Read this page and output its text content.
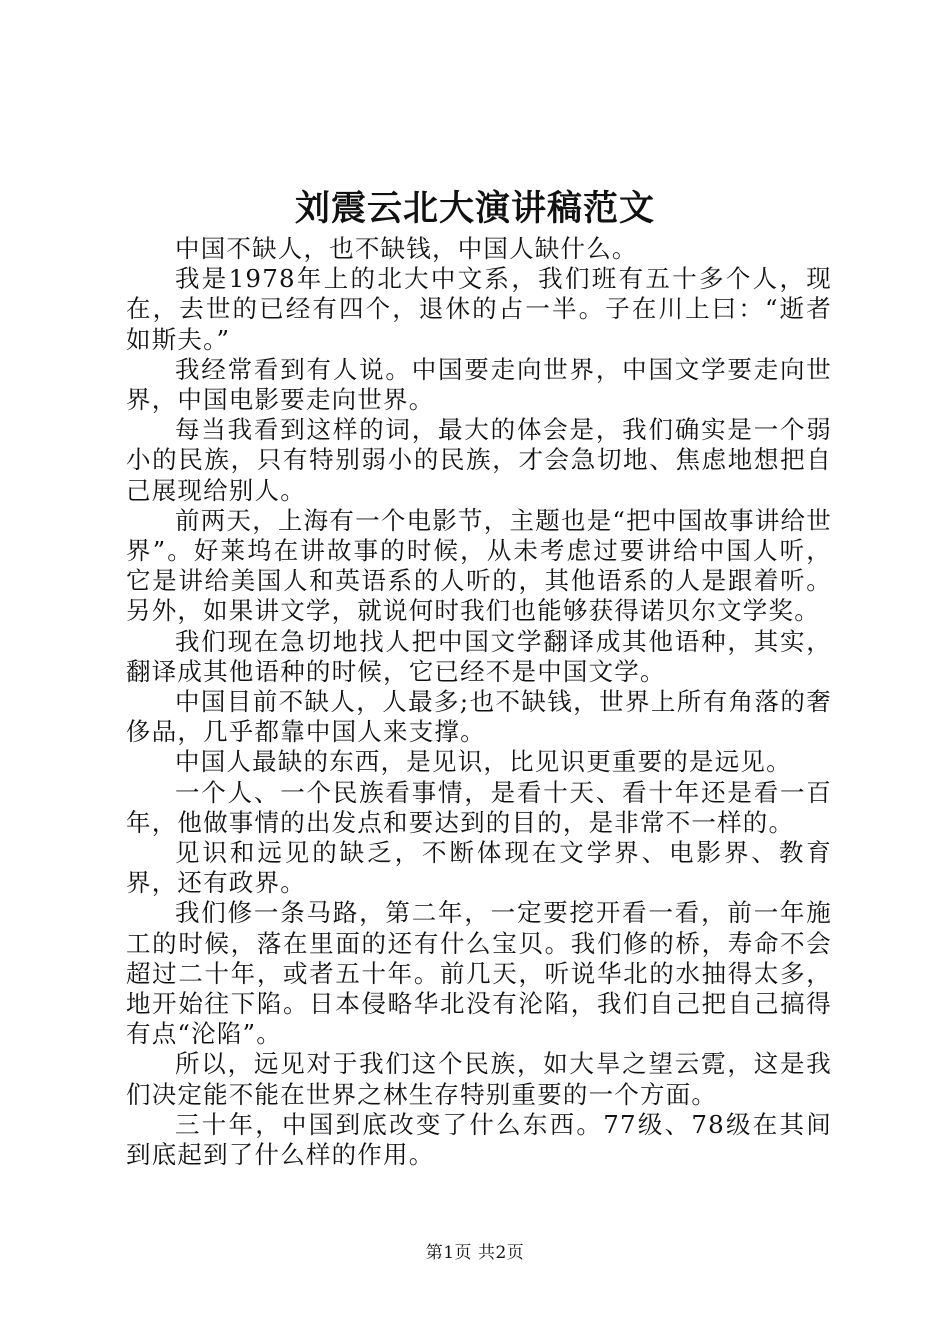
刘震云北大演讲稿范文

中国不缺人，也不缺钱，中国人缺什么。

我是1978年上的北大中文系，我们班有五十多个人，现在，去世的已经有四个，退休的占一半。子在川上曰：“逝者如斯夫。”

我经常看到有人说。中国要走向世界，中国文学要走向世界，中国电影要走向世界。

每当我看到这样的词，最大的体会是，我们确实是一个弱小的民族，只有特别弱小的民族，才会急切地、焦虑地想把自己展现给别人。

前两天，上海有一个电影节，主题也是“把中国故事讲给世界”。好莱坞在讲故事的时候，从未考虑过要讲给中国人听，它是讲给美国人和英语系的人听的，其他语系的人是跟着听。另外，如果讲文学，就说何时我们也能够获得诺贝尔文学奖。

我们现在急切地找人把中国文学翻译成其他语种，其实，翻译成其他语种的时候，它已经不是中国文学。

中国目前不缺人，人最多;也不缺钱，世界上所有角落的奢侈品，几乎都靠中国人来支撑。

中国人最缺的东西，是见识，比见识更重要的是远见。

一个人、一个民族看事情，是看十天、看十年还是看一百年，他做事情的出发点和要达到的目的，是非常不一样的。

见识和远见的缺乏，不断体现在文学界、电影界、教育界，还有政界。

我们修一条马路，第二年，一定要挖开看一看，前一年施工的时候，落在里面的还有什么宝贝。我们修的桥，寿命不会超过二十年，或者五十年。前几天，听说华北的水抽得太多，地开始往下陷。日本侵略华北没有沦陷，我们自己把自己搞得有点“沦陷”。

所以，远见对于我们这个民族，如大旱之望云霓，这是我们决定能不能在世界之林生存特别重要的一个方面。

三十年，中国到底改变了什么东西。77级、78级在其间到底起到了什么样的作用。

第1页 共2页
